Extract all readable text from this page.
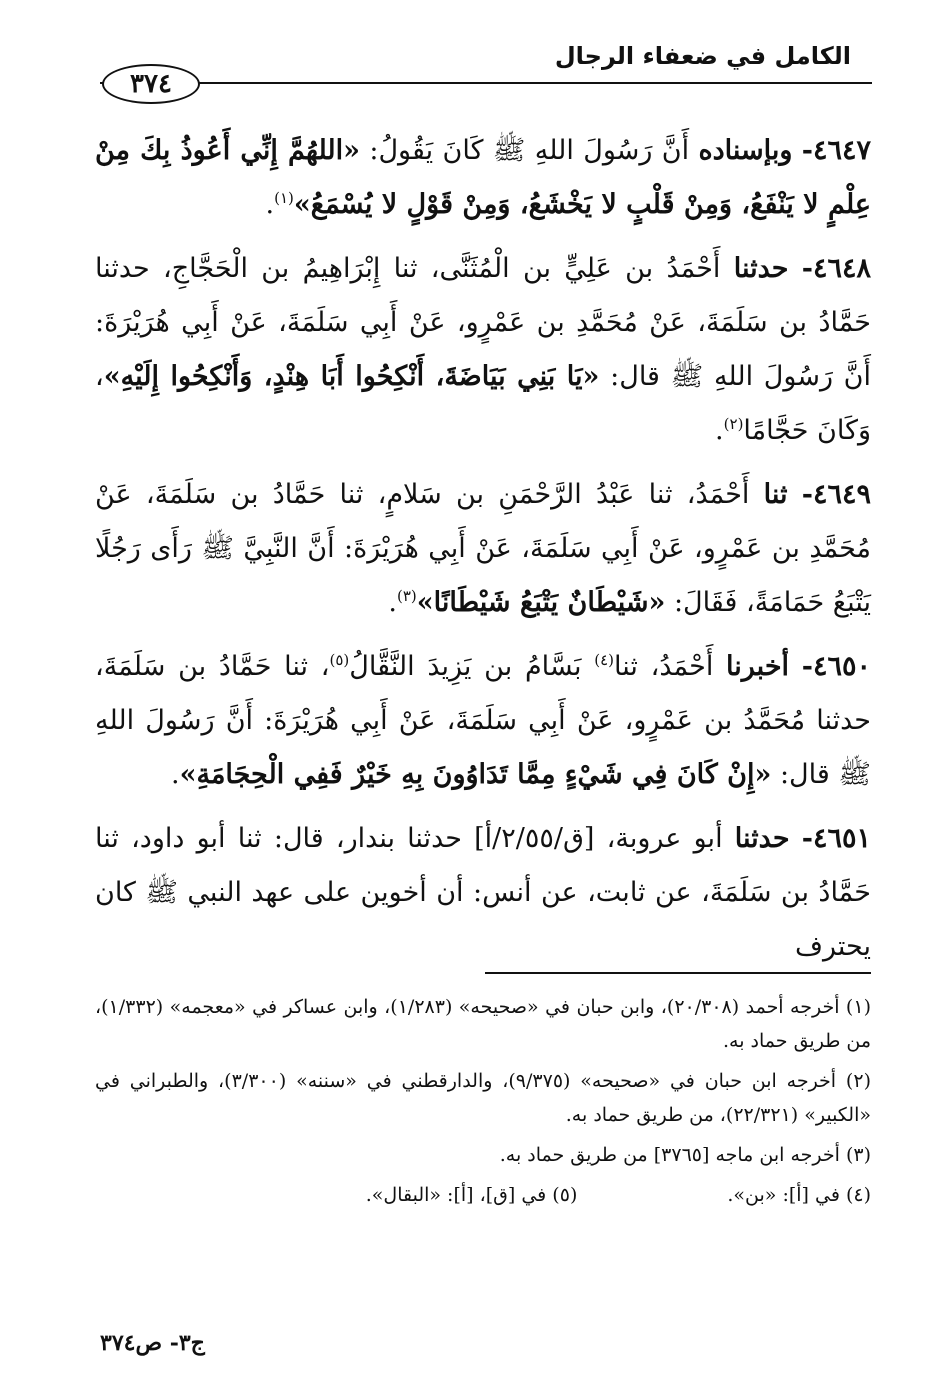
الكامل في ضعفاء الرجال
٣٧٤

٤٦٤٧- وبإسناده أَنَّ رَسُولَ اللهِ ﷺ كَانَ يَقُولُ: «اللهُمَّ إِنِّي أَعُوذُ بِكَ مِنْ عِلْمٍ لا يَنْفَعُ، وَمِنْ قَلْبٍ لا يَخْشَعُ، وَمِنْ قَوْلٍ لا يُسْمَعُ»$^{(١)}$.

٤٦٤٨- حدثنا أَحْمَدُ بن عَلِيٍّ بن الْمُثَنَّى، ثنا إِبْرَاهِيمُ بن الْحَجَّاجِ، حدثنا حَمَّادُ بن سَلَمَةَ، عَنْ مُحَمَّدِ بن عَمْرٍو، عَنْ أَبِي سَلَمَةَ، عَنْ أَبِي هُرَيْرَةَ: أَنَّ رَسُولَ اللهِ ﷺ قال: «يَا بَنِي بَيَاضَةَ، أَنْكِحُوا أَبَا هِنْدٍ، وَأَنْكِحُوا إِلَيْهِ»، وَكَانَ حَجَّامًا$^{(٢)}$.

٤٦٤٩- ثنا أَحْمَدُ، ثنا عَبْدُ الرَّحْمَنِ بن سَلامٍ، ثنا حَمَّادُ بن سَلَمَةَ، عَنْ مُحَمَّدِ بن عَمْرٍو، عَنْ أَبِي سَلَمَةَ، عَنْ أَبِي هُرَيْرَةَ: أَنَّ النَّبِيَّ ﷺ رَأَى رَجُلًا يَتْبَعُ حَمَامَةً، فَقَالَ: «شَيْطَانٌ يَتْبَعُ شَيْطَانًا»$^{(٣)}$.

٤٦٥٠- أخبرنا أَحْمَدُ، ثنا$^{(٤)}$ بَسَّامُ بن يَزِيدَ النَّقَّالُ$^{(٥)}$، ثنا حَمَّادُ بن سَلَمَةَ، حدثنا مُحَمَّدُ بن عَمْرٍو، عَنْ أَبِي سَلَمَةَ، عَنْ أَبِي هُرَيْرَةَ: أَنَّ رَسُولَ اللهِ ﷺ قال: «إِنْ كَانَ فِي شَيْءٍ مِمَّا تَدَاوُونَ بِهِ خَيْرٌ فَفِي الْحِجَامَةِ».

٤٦٥١- حدثنا أبو عروبة، [ق/٢/٥٥/أ] حدثنا بندار، قال: ثنا أبو داود، ثنا حَمَّادُ بن سَلَمَةَ، عن ثابت، عن أنس: أن أخوين على عهد النبي ﷺ كان يحترف

(١) أخرجه أحمد (٢٠/٣٠٨)، وابن حبان في «صحيحه» (١/٢٨٣)، وابن عساكر في «معجمه» (١/٣٣٢)، من طريق حماد به.

(٢) أخرجه ابن حبان في «صحيحه» (٩/٣٧٥)، والدارقطني في «سننه» (٣/٣٠٠)، والطبراني في «الكبير» (٢٢/٣٢١)، من طريق حماد به.

(٣) أخرجه ابن ماجه [٣٧٦٥] من طريق حماد به.

(٤) في [أ]: «بن».
(٥) في [ق]، [أ]: «البقال».
ج٣- ص٣٧٤
